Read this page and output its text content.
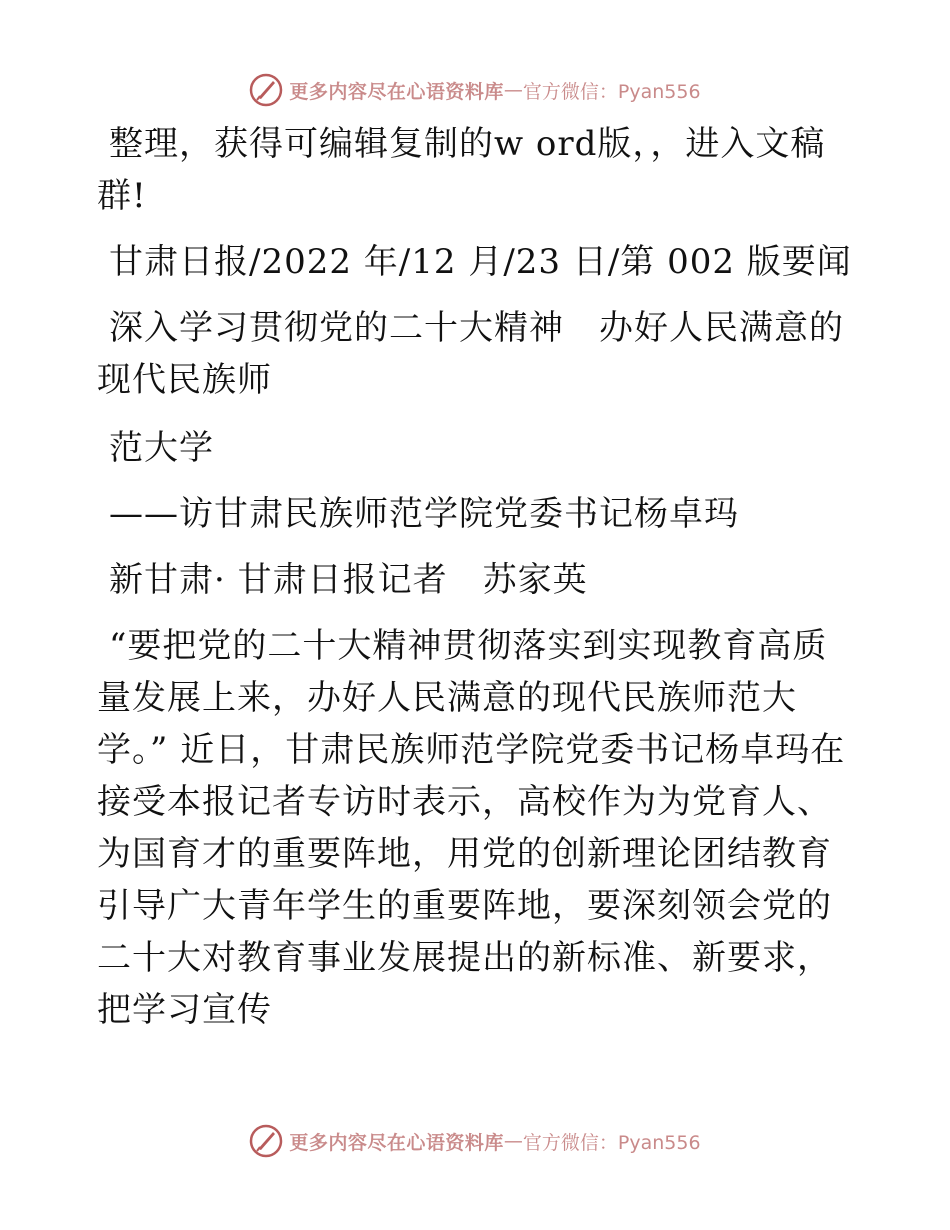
更多内容尽在心语资料库 — 官方微信：Pyan556

整理，获得可编辑复制的w ord版，，进入文稿群!

甘肃日报/2022 年/12 月/23 日/第 002 版要闻

深入学习贯彻党的二十大精神　办好人民满意的现代民族师

范大学

——访甘肃民族师范学院党委书记杨卓玛

新甘肃· 甘肃日报记者　苏家英

“要把党的二十大精神贯彻落实到实现教育高质量发展上来，办好人民满意的现代民族师范大学。” 近日，甘肃民族师范学院党委书记杨卓玛在接受本报记者专访时表示，高校作为为党育人、为国育才的重要阵地，用党的创新理论团结教育引导广大青年学生的重要阵地，要深刻领会党的二十大对教育事业发展提出的新标准、新要求，把学习宣传

更多内容尽在心语资料库 — 官方微信：Pyan556
